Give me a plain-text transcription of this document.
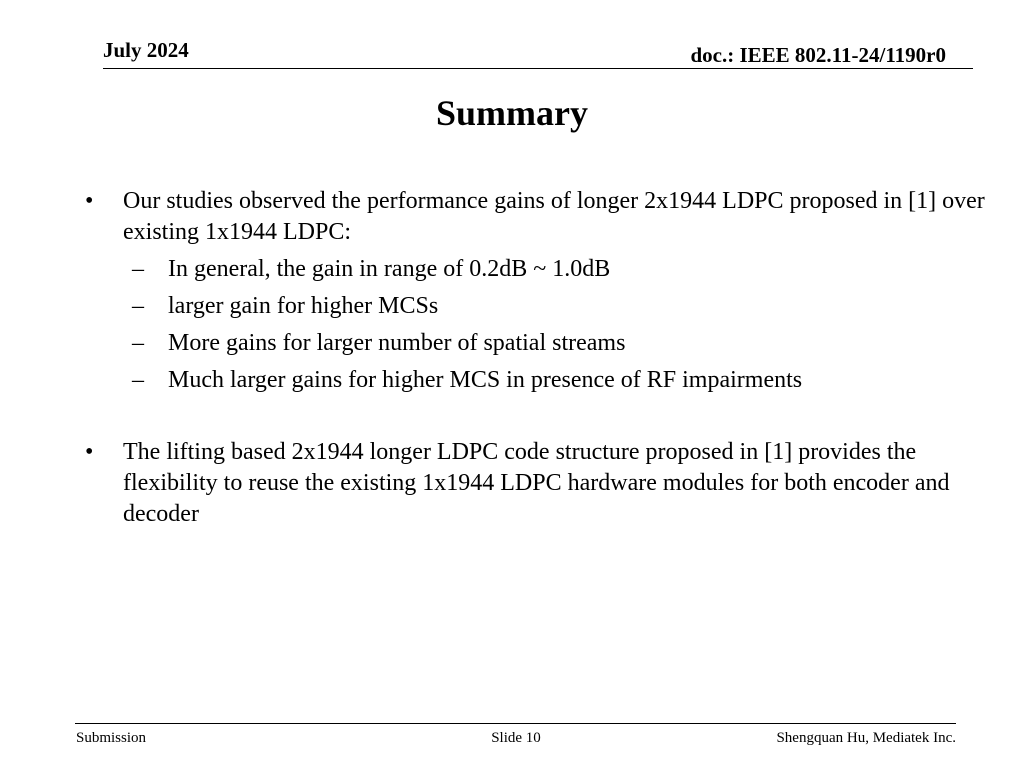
July 2024	doc.: IEEE 802.11-24/1190r0
Summary
• Our studies observed the performance gains of longer 2x1944 LDPC proposed in [1] over existing 1x1944 LDPC:
– In general, the gain in range of 0.2dB ~ 1.0dB
– larger gain for higher MCSs
– More gains for larger number of spatial streams
– Much larger gains for higher MCS in presence of RF impairments
• The lifting based 2x1944 longer LDPC code structure proposed in [1] provides the flexibility to reuse the existing 1x1944 LDPC hardware modules for both encoder and decoder
Submission	Slide 10	Shengquan Hu, Mediatek Inc.
